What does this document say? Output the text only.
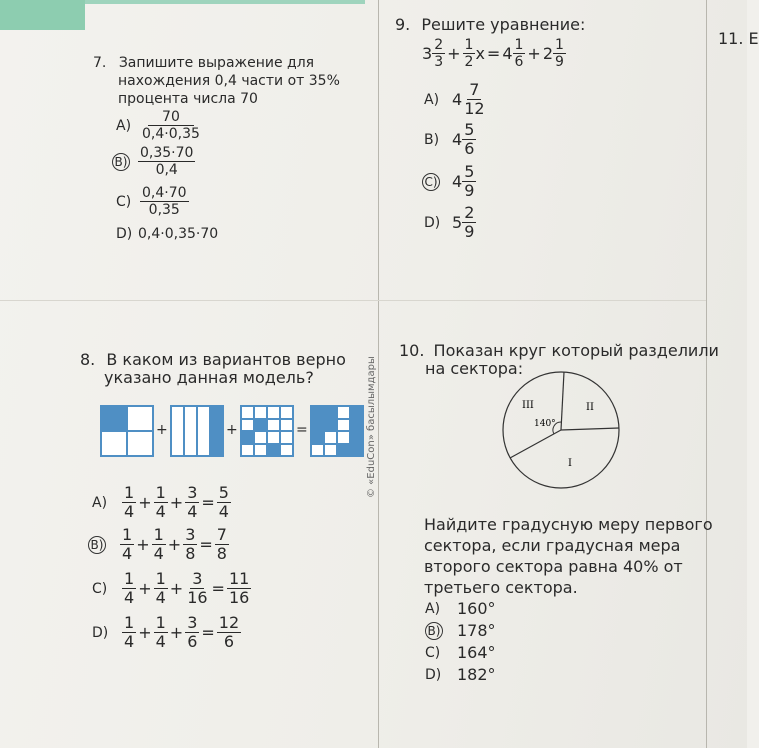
© «EduCon» басылымдары
11. Е
7. Запишите выражение для
нахождения 0,4 части от 35%
процента числа 70
$A) \frac{70}{0,4\cdot 0,35}$
$B) \frac{0,35\cdot 70}{0,4}$
$C) \frac{0,4\cdot 70}{0,35}$
D) 0,4·0,35·70
9. Решите уравнение:
$3 \frac{2}{3} + \frac{1}{2}$ $x = 4 \frac{1}{6} + 2 \frac{1}{9}$
A) $4 \frac{7}{12}$
B) $4 \frac{5}{6}$
C) $4 \frac{5}{9}$
D) $5 \frac{2}{9}$
8. В каком из вариантов верно
указано данная модель?
+	+	=
$A) \frac{1}{4} + \frac{1}{4} + \frac{3}{4} = \frac{5}{4}$
$B) \frac{1}{4} + \frac{1}{4} + \frac{3}{8} = \frac{7}{8}$
$C) \frac{1}{4} + \frac{1}{4} + \frac{3}{16} = \frac{11}{16}$
$D) \frac{1}{4} + \frac{1}{4} + \frac{3}{6} = \frac{12}{6}$
10. Показан круг который разделили
на сектора:
III	II
140°
I
Найдите градусную меру первого
сектора, если градусная мера
второго сектора равна 40% от
третьего сектора.
A)	160°
B) 178°
C)	164°
D) 182°
